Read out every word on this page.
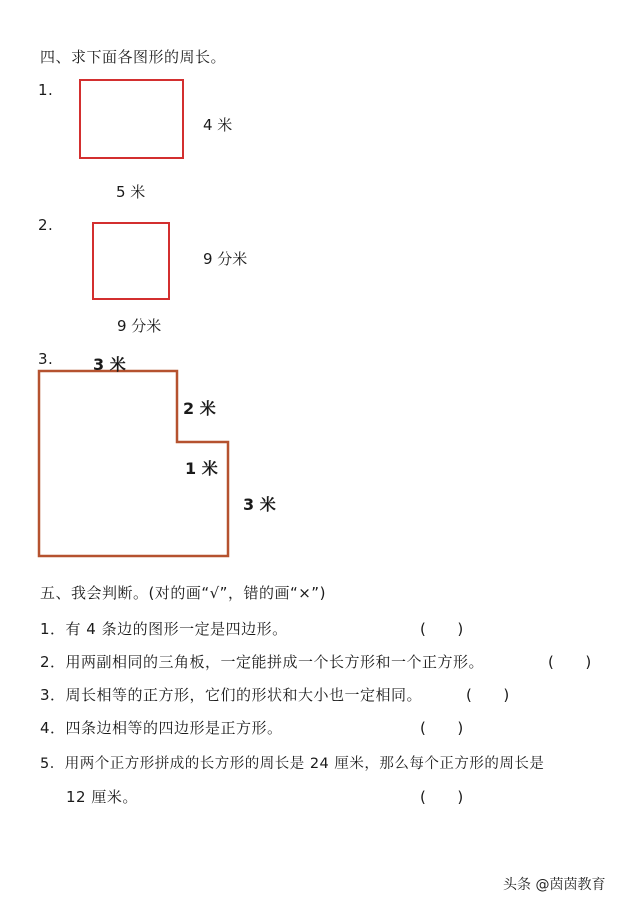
四、求下面各图形的周长。
1.
4 米
5 米
2.
9 分米
9 分米
3. 3 米
2 米
1 米
3 米
五、我会判断。(对的画“√”，错的画“×”)
1．有 4 条边的图形一定是四边形。	(　　)
2．用两副相同的三角板，一定能拼成一个长方形和一个正方形。	(　　)
3．周长相等的正方形，它们的形状和大小也一定相同。	(　　)
4．四条边相等的四边形是正方形。	(　　)
5．用两个正方形拼成的长方形的周长是 24 厘米，那么每个正方形的周长是
12 厘米。	(　　)
头条 @茵茵教育
